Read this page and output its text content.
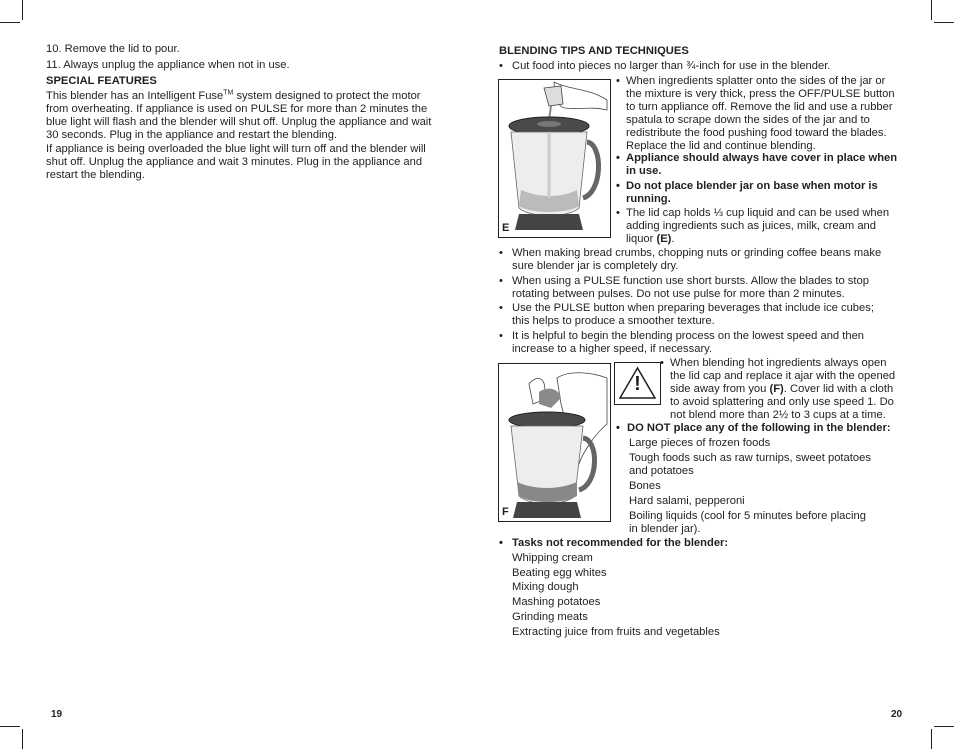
10. Remove the lid to pour.

11. Always unplug the appliance when not in use.

SPECIAL FEATURES

This blender has an Intelligent Fuse™ system designed to protect the motor
from overheating. If appliance is used on PULSE for more than 2 minutes the
blue light will flash and the blender will shut off. Unplug the appliance and wait
30 seconds. Plug in the appliance and restart the blending.

If appliance is being overloaded the blue light will turn off and the blender will
shut off. Unplug the appliance and wait 3 minutes. Plug in the appliance and
restart the blending.

19
BLENDING TIPS AND TECHNIQUES
• Cut food into pieces no larger than ¾-inch for use in the blender.
E
• When ingredients splatter onto the sides of the jar or
the mixture is very thick, press the OFF/PULSE button
to turn appliance off. Remove the lid and use a rubber
spatula to scrape down the sides of the jar and to
redistribute the food pushing food toward the blades.
Replace the lid and continue blending.
• Appliance should always have cover in place when
in use.
• Do not place blender jar on base when motor is
running.
• The lid cap holds ⅓ cup liquid and can be used when
adding ingredients such as juices, milk, cream and
liquor (E).
• When making bread crumbs, chopping nuts or grinding coffee beans make
sure blender jar is completely dry.
• When using a PULSE function use short bursts. Allow the blades to stop
rotating between pulses. Do not use pulse for more than 2 minutes.
• Use the PULSE button when preparing beverages that include ice cubes;
this helps to produce a smoother texture.
• It is helpful to begin the blending process on the lowest speed and then
increase to a higher speed, if necessary.
F
!
• When blending hot ingredients always open
the lid cap and replace it ajar with the opened
side away from you (F). Cover lid with a cloth
to avoid splattering and only use speed 1. Do
not blend more than 2½ to 3 cups at a time.
• DO NOT place any of the following in the blender:

Large pieces of frozen foods

Tough foods such as raw turnips, sweet potatoes
and potatoes

Bones

Hard salami, pepperoni

Boiling liquids (cool for 5 minutes before placing
in blender jar).

• Tasks not recommended for the blender:

Whipping cream

Beating egg whites

Mixing dough

Mashing potatoes

Grinding meats

Extracting juice from fruits and vegetables

20
